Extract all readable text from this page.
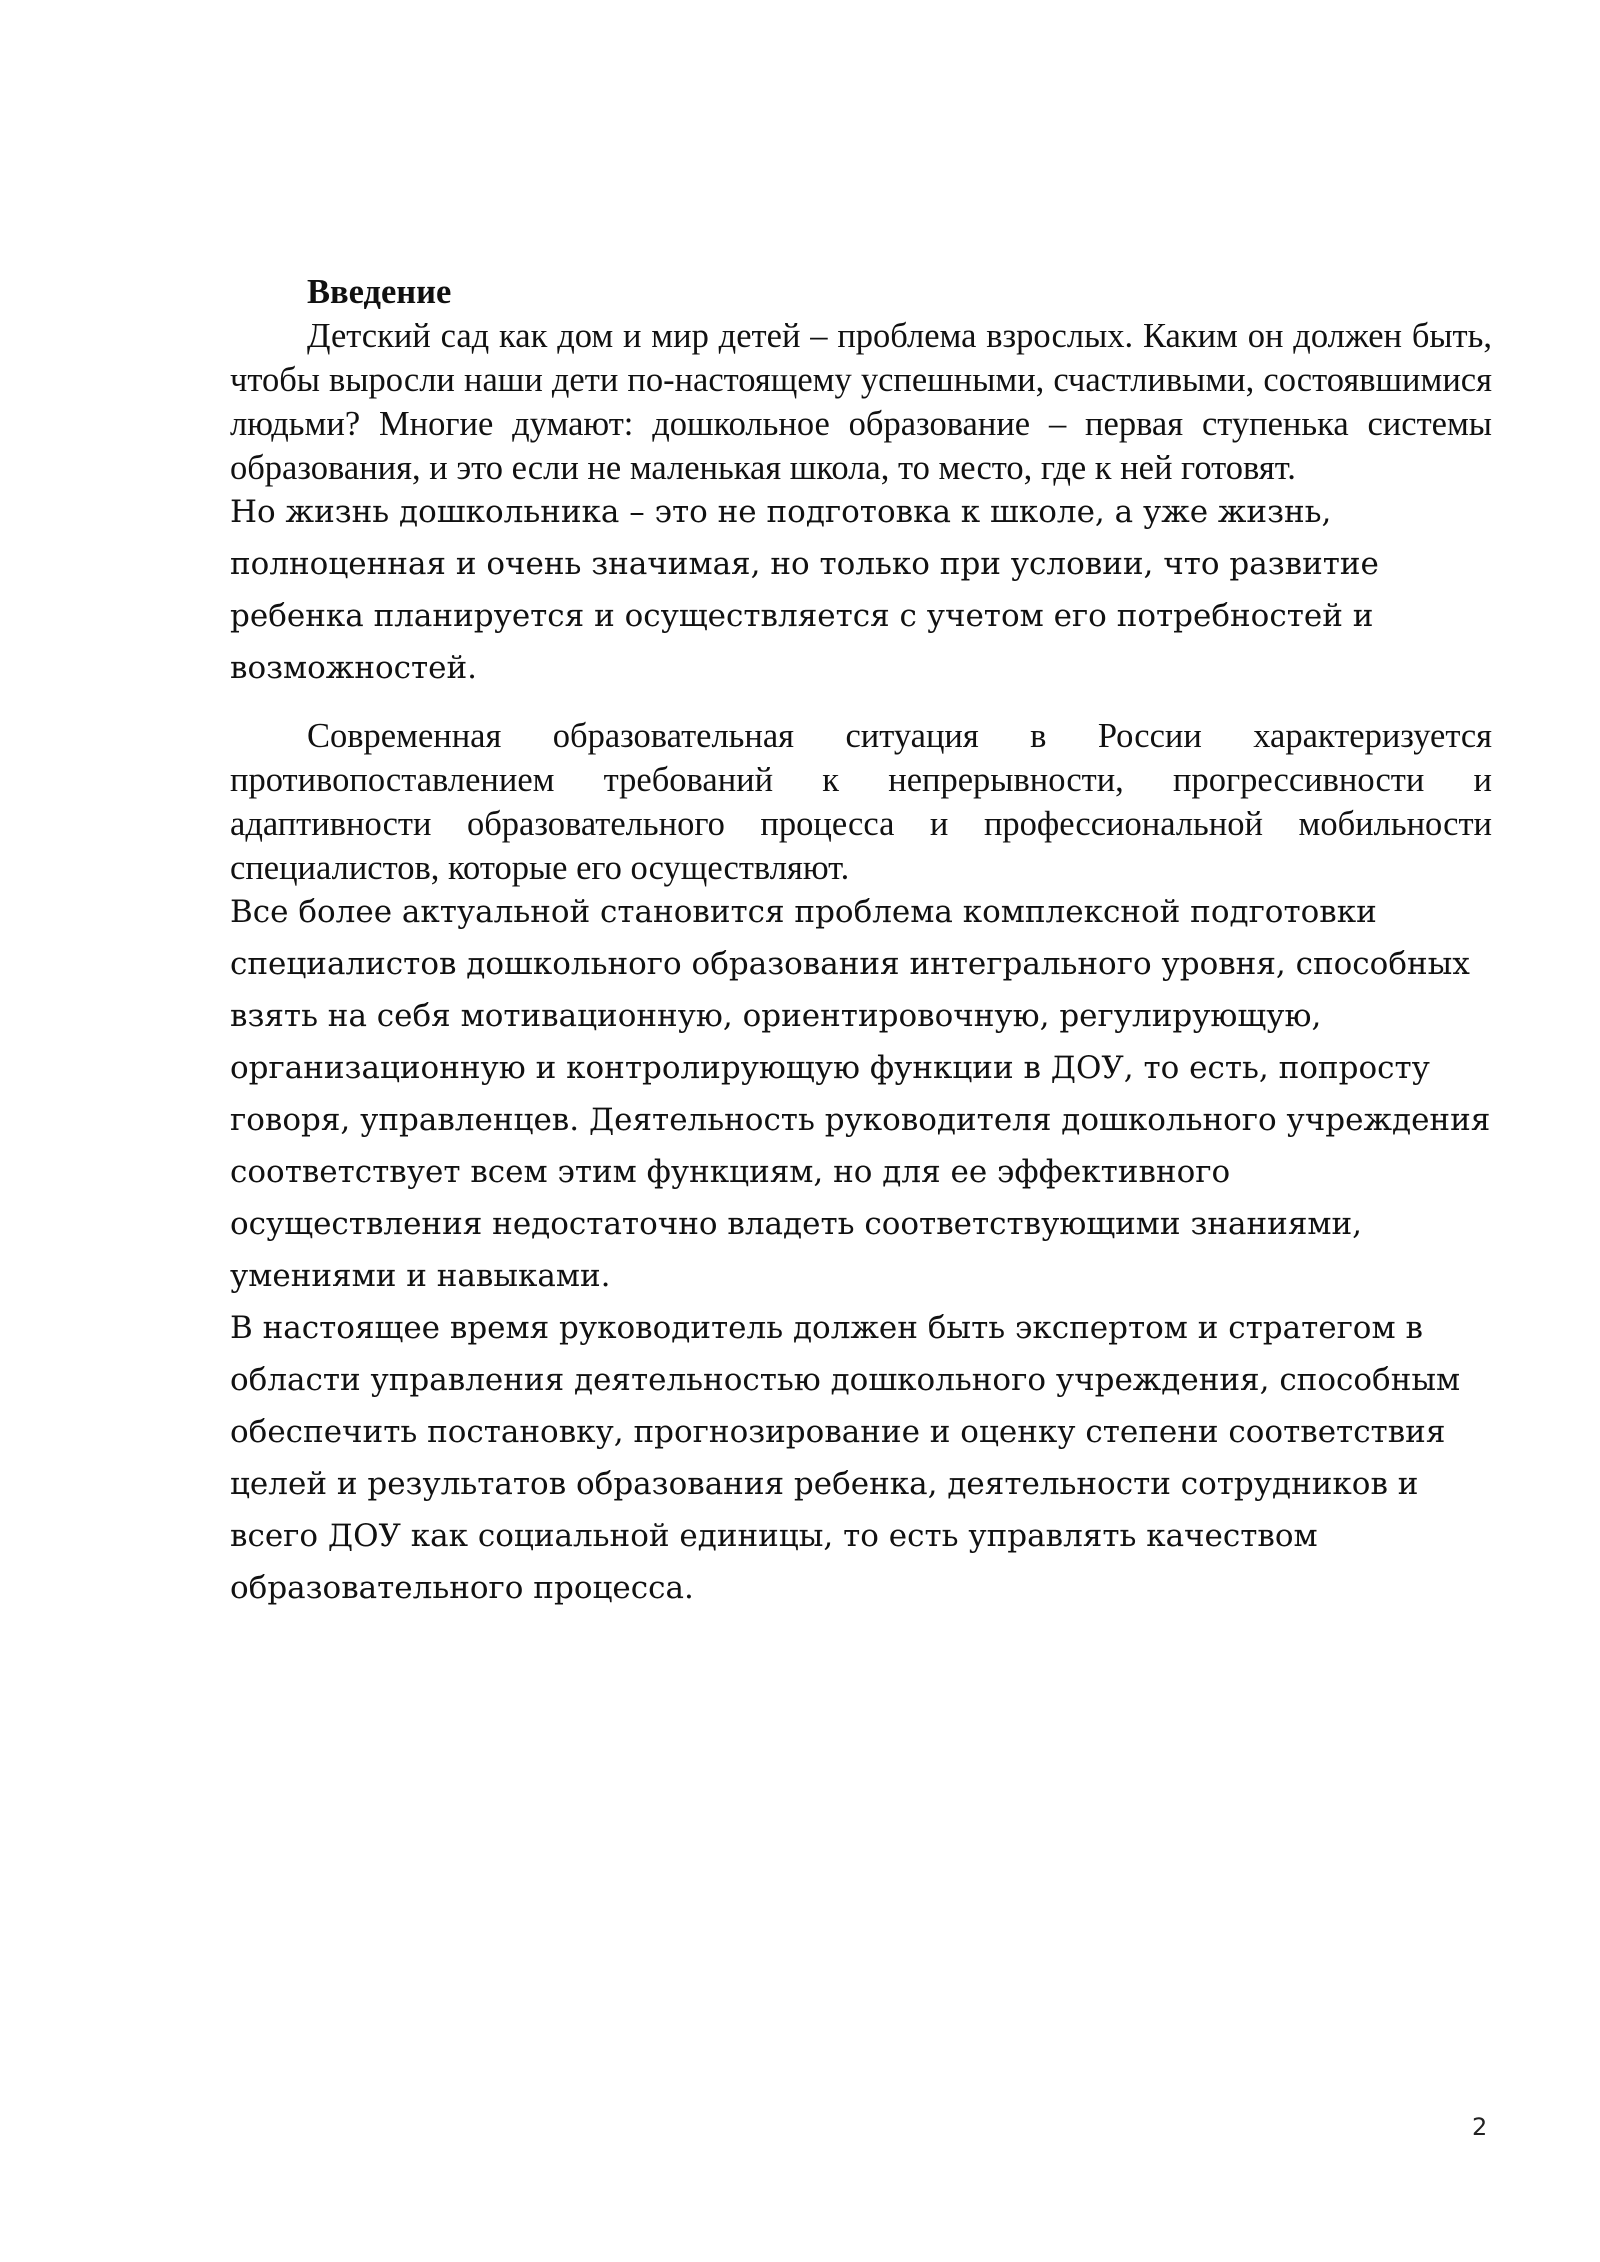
Введение

Детский сад как дом и мир детей – проблема взрослых. Каким он должен быть, чтобы выросли наши дети по-настоящему успешными, счастливыми, состоявшимися людьми? Многие думают: дошкольное образование – первая ступенька системы образования, и это если не маленькая школа, то место, где к ней готовят.

Но жизнь дошкольника – это не подготовка к школе, а уже жизнь, полноценная и очень значимая, но только при условии, что развитие ребенка планируется и осуществляется с учетом его потребностей и возможностей.

Современная образовательная ситуация в России характеризуется противопоставлением требований к непрерывности, прогрессивности и адаптивности образовательного процесса и профессиональной мобильности специалистов, которые его осуществляют.

Все более актуальной становится проблема комплексной подготовки специалистов дошкольного образования интегрального уровня, способных взять на себя мотивационную, ориентировочную, регулирующую, организационную и контролирующую функции в ДОУ, то есть, попросту говоря, управленцев. Деятельность руководителя дошкольного учреждения соответствует всем этим функциям, но для ее эффективного осуществления недостаточно владеть соответствующими знаниями, умениями и навыками.

В настоящее время руководитель должен быть экспертом и стратегом в области управления деятельностью дошкольного учреждения, способным обеспечить постановку, прогнозирование и оценку степени соответствия целей и результатов образования ребенка, деятельности сотрудников и всего ДОУ как социальной единицы, то есть управлять качеством образовательного процесса.

2
